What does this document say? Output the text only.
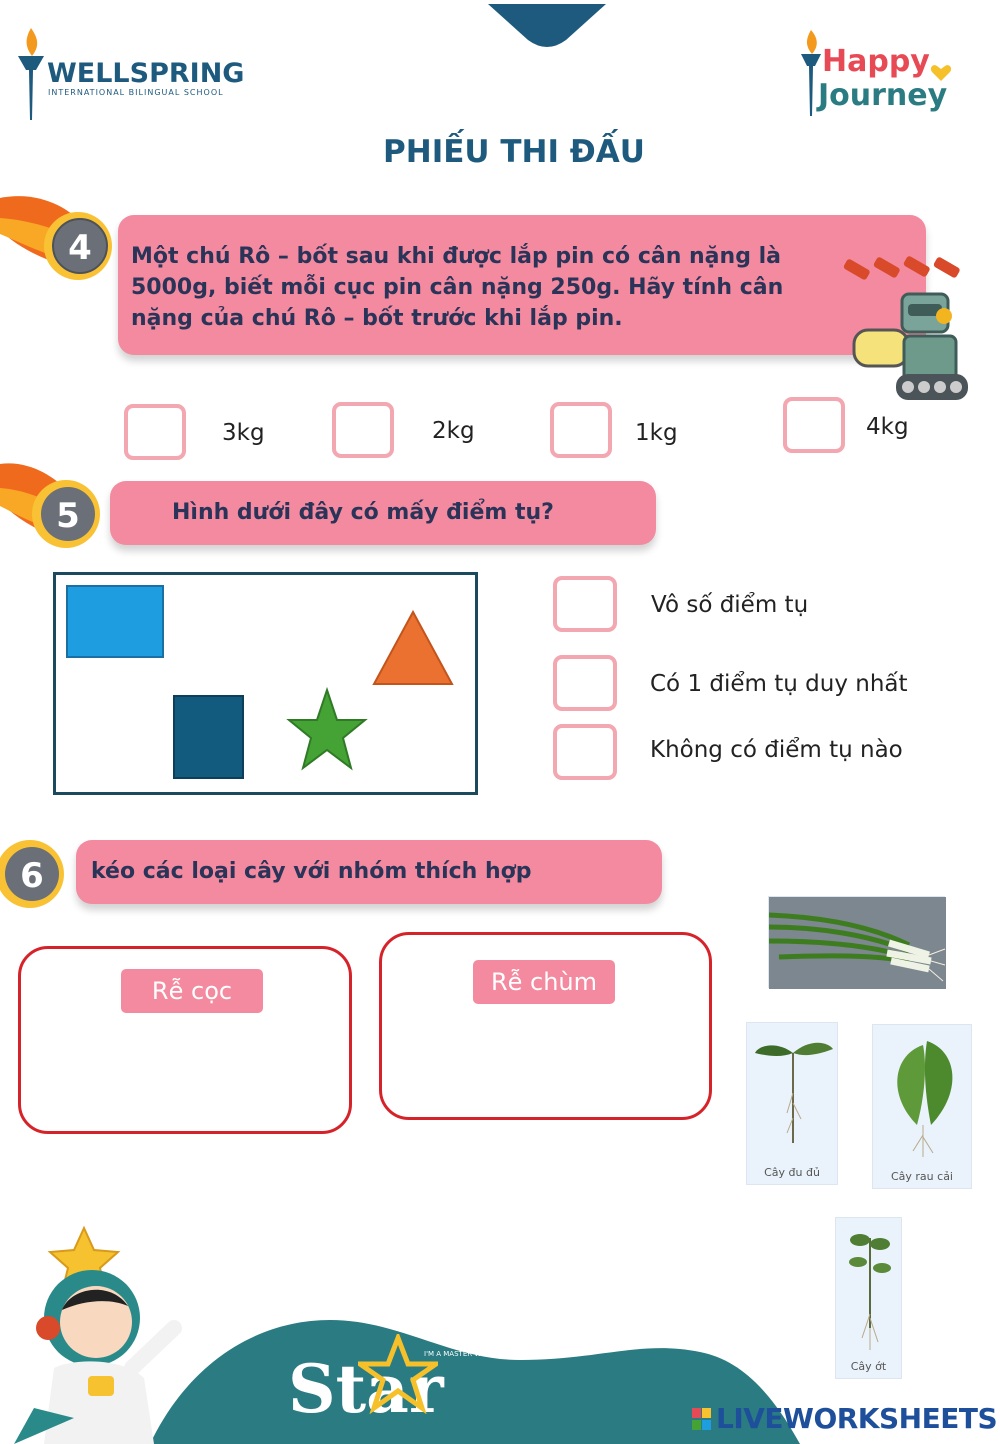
WELLSPRING
INTERNATIONAL BILINGUAL SCHOOL
Happy
Journey
PHIẾU THI ĐẤU
4 Một chú Rô – bốt sau khi được lắp pin có cân nặng là 5000g, biết mỗi cục pin cân nặng 250g. Hãy tính cân nặng của chú Rô – bốt trước khi lắp pin.
3kg	2kg	1kg	4kg
5	Hình dưới đây có mấy điểm tụ?
Vô số điểm tụ
Có 1 điểm tụ duy nhất
Không có điểm tụ nào
6 kéo các loại cây với nhóm thích hợp
Rễ cọc	Rễ chùm
Cây đu đủ	Cây rau cải
Cây ớt
Star
I'M A MASTER WISer
LIVEWORKSHEETS
